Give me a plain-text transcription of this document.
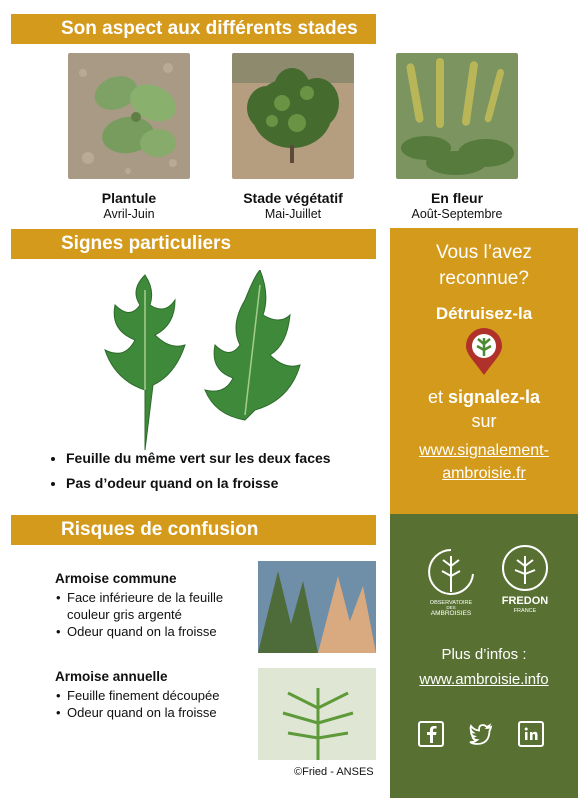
Son aspect aux différents stades
Signes particuliers
Risques de confusion
Plantule
Avril-Juin
Stade végétatif
Mai-Juillet
En fleur
Août-Septembre
• Feuille du même vert sur les deux faces
• Pas d’odeur quand on la froisse
Armoise commune
• Face inférieure de la feuille couleur gris argenté
• Odeur quand on la froisse
Armoise annuelle
• Feuille finement découpée
• Odeur quand on la froisse
©Fried - ANSES
Vous l’avez reconnue?
Détruisez-la
et signalez-la
sur
www.signalement-ambroisie.fr
OBSERVATOIRE
DES
AMBROISIES
FREDON
FRANCE
Plus d’infos :
www.ambroisie.info
